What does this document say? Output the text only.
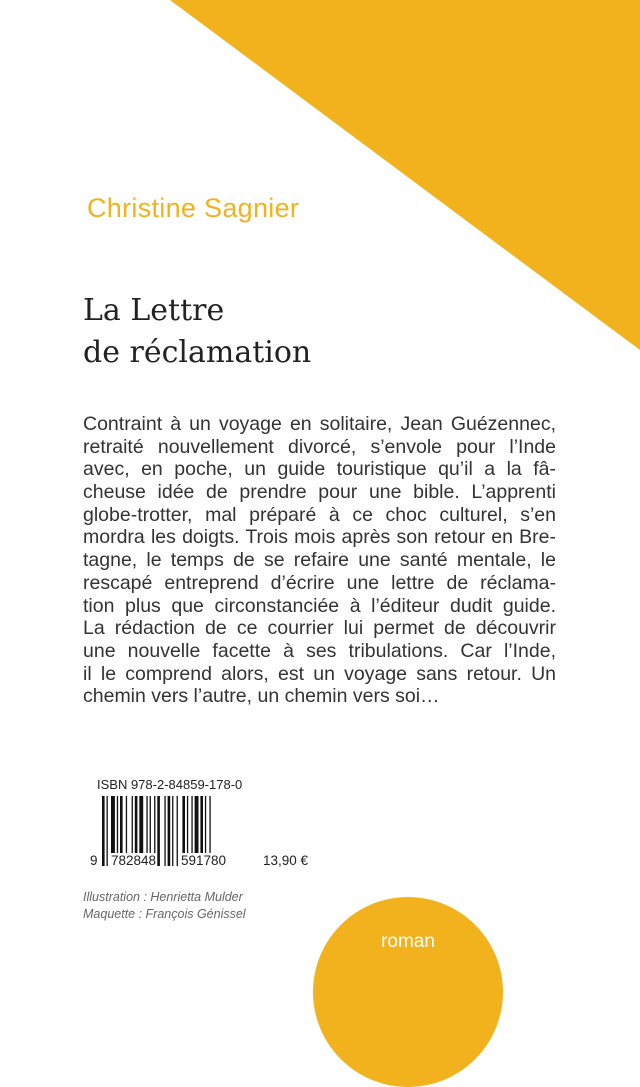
Christine Sagnier
La Lettre
de réclamation
Contraint à un voyage en solitaire, Jean Guézennec,
retraité nouvellement divorcé, s’envole pour l’Inde
avec, en poche, un guide touristique qu’il a la fâ-
cheuse idée de prendre pour une bible. L’apprenti
globe-trotter, mal préparé à ce choc culturel, s’en
mordra les doigts. Trois mois après son retour en Bre-
tagne, le temps de se refaire une santé mentale, le
rescapé entreprend d’écrire une lettre de réclama-
tion plus que circonstanciée à l’éditeur dudit guide.
La rédaction de ce courrier lui permet de découvrir
une nouvelle facette à ses tribulations. Car l’Inde,
il le comprend alors, est un voyage sans retour. Un
chemin vers l’autre, un chemin vers soi…
ISBN 978-2-84859-178-0
9 782848 591780	13,90 €
Illustration : Henrietta Mulder
Maquette : François Génissel
roman
